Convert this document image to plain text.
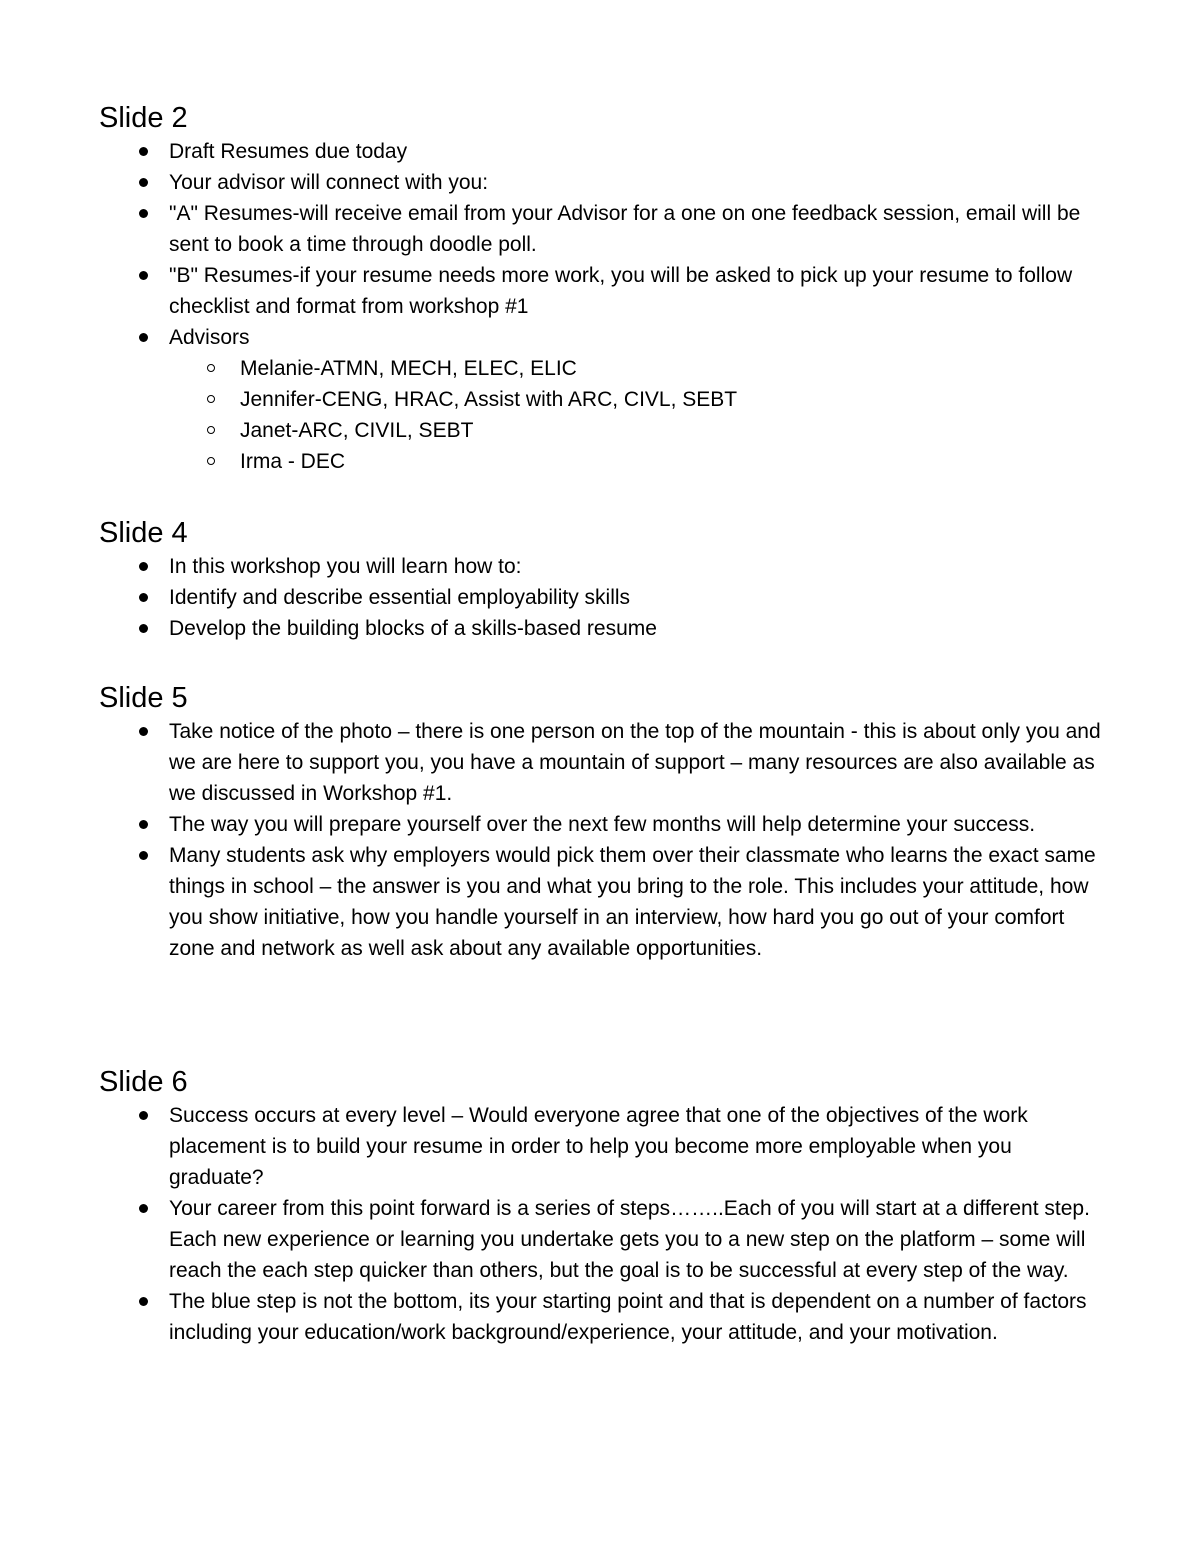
Slide 2
Draft Resumes due today
Your advisor will connect with you:
"A" Resumes-will receive email from your Advisor for a one on one feedback session, email will be sent to book a time through doodle poll.
"B" Resumes-if your resume needs more work, you will be asked to pick up your resume to follow checklist and format from workshop #1
Advisors
Melanie-ATMN, MECH, ELEC, ELIC
Jennifer-CENG, HRAC, Assist with ARC, CIVL, SEBT
Janet-ARC, CIVIL, SEBT
Irma - DEC
Slide 4
In this workshop you will learn how to:
Identify and describe essential employability skills
Develop the building blocks of a skills-based resume
Slide 5
Take notice of the photo – there is one person on the top of the mountain - this is about only you and we are here to support you, you have a mountain of support – many resources are also available as we discussed in Workshop #1.
The way you will prepare yourself over the next few months will help determine your success.
Many students ask why employers would pick them over their classmate who learns the exact same things in school – the answer is you and what you bring to the role. This includes your attitude, how you show initiative, how you handle yourself in an interview, how hard you go out of your comfort zone and network as well ask about any available opportunities.
Slide 6
Success occurs at every level – Would everyone agree that one of the objectives of the work placement is to build your resume in order to help you become more employable when you graduate?
Your career from this point forward is a series of steps……..Each of you will start at a different step. Each new experience or learning you undertake gets you to a new step on the platform – some will reach the each step quicker than others, but the goal is to be successful at every step of the way.
The blue step is not the bottom, its your starting point and that is dependent on a number of factors including your education/work background/experience, your attitude, and your motivation.
